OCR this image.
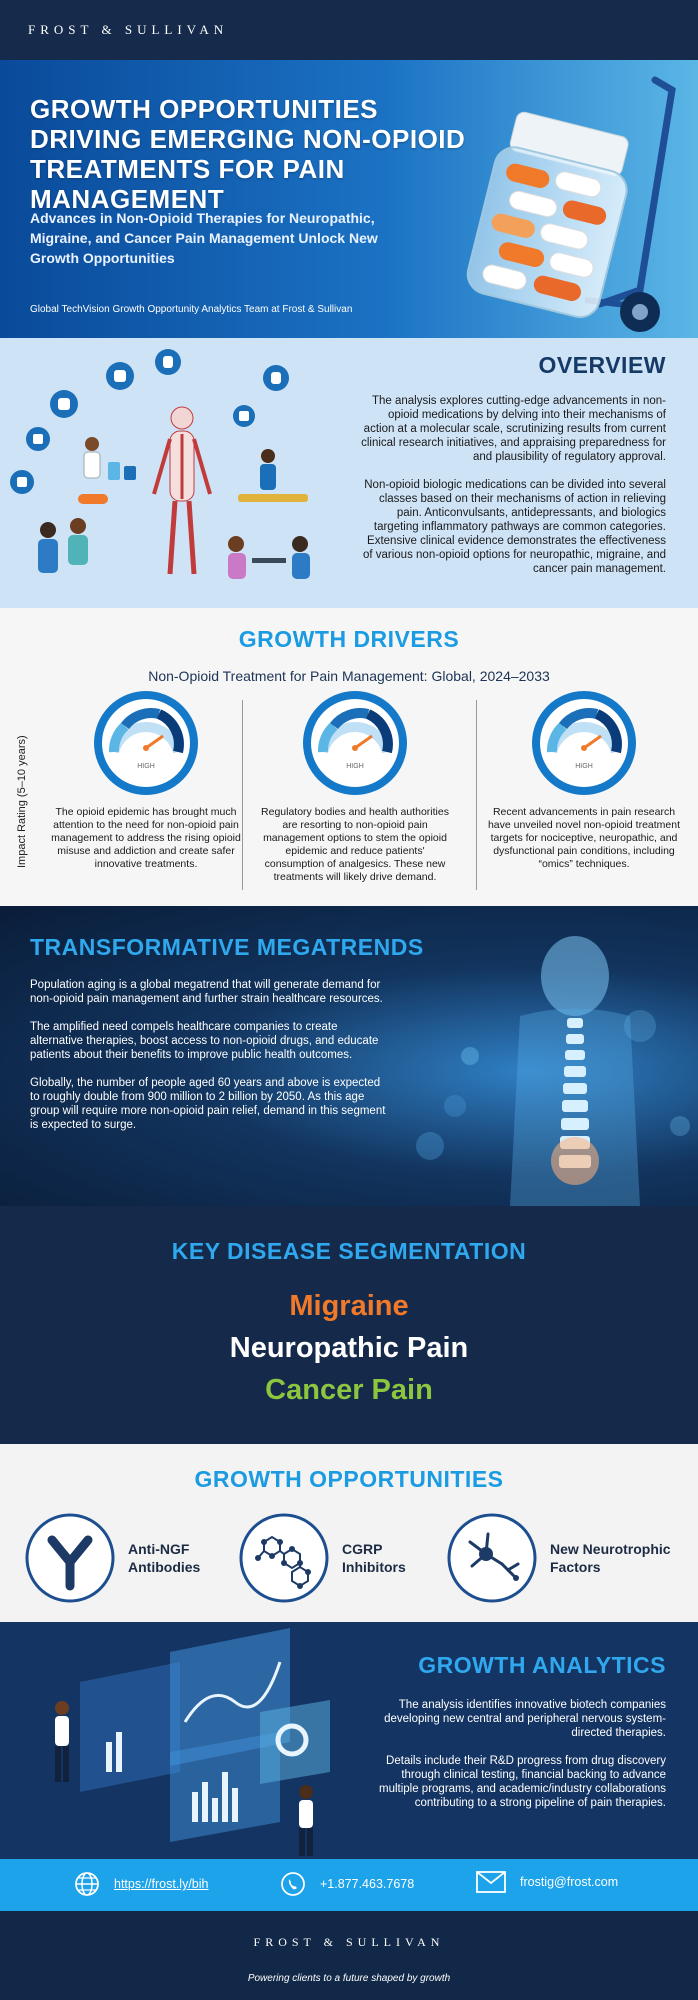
FROST & SULLIVAN
GROWTH OPPORTUNITIES DRIVING EMERGING NON-OPIOID TREATMENTS FOR PAIN MANAGEMENT
Advances in Non-Opioid Therapies for Neuropathic, Migraine, and Cancer Pain Management Unlock New Growth Opportunities
Global TechVision Growth Opportunity Analytics Team at Frost & Sullivan
OVERVIEW

The analysis explores cutting-edge advancements in non-opioid medications by delving into their mechanisms of action at a molecular scale, scrutinizing results from current clinical research initiatives, and appraising preparedness for and plausibility of regulatory approval.

Non-opioid biologic medications can be divided into several classes based on their mechanisms of action in relieving pain. Anticonvulsants, antidepressants, and biologics targeting inflammatory pathways are common categories. Extensive clinical evidence demonstrates the effectiveness of various non-opioid options for neuropathic, migraine, and cancer pain management.

GROWTH DRIVERS
Non-Opioid Treatment for Pain Management: Global, 2024–2033
Impact Rating (5–10 years)	HIGH
The opioid epidemic has brought much attention to the need for non-opioid pain management to address the rising opioid misuse and addiction and create safer innovative treatments.
HIGH
Regulatory bodies and health authorities are resorting to non-opioid pain management options to stem the opioid epidemic and reduce patients' consumption of analgesics. These new treatments will likely drive demand.
HIGH
Recent advancements in pain research have unveiled novel non-opioid treatment targets for nociceptive, neuropathic, and dysfunctional pain conditions, including “omics” techniques.
TRANSFORMATIVE MEGATRENDS

Population aging is a global megatrend that will generate demand for non-opioid pain management and further strain healthcare resources.

The amplified need compels healthcare companies to create alternative therapies, boost access to non-opioid drugs, and educate patients about their benefits to improve public health outcomes.

Globally, the number of people aged 60 years and above is expected to roughly double from 900 million to 2 billion by 2050. As this age group will require more non-opioid pain relief, demand in this segment is expected to surge.

KEY DISEASE SEGMENTATION
Migraine
Neuropathic Pain
Cancer Pain
GROWTH OPPORTUNITIES
Anti-NGF
Antibodies
CGRP
Inhibitors
New Neurotrophic
Factors
GROWTH ANALYTICS

The analysis identifies innovative biotech companies developing new central and peripheral nervous system-directed therapies.

Details include their R&D progress from drug discovery through clinical testing, financial backing to advance multiple programs, and academic/industry collaborations contributing to a strong pipeline of pain therapies.

https://frost.ly/bih	+1.877.463.7678	frostig@frost.com
FROST & SULLIVAN
Powering clients to a future shaped by growth
